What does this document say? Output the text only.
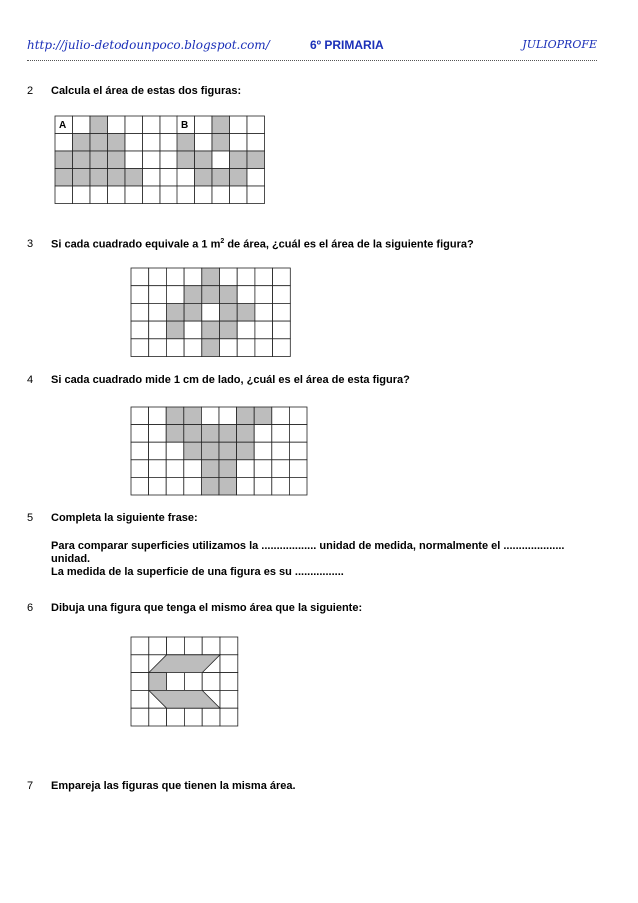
http://julio-detodounpoco.blogspot.com/	6º PRIMARIA	JULIOPROFE
2	Calcula el área de estas dos figuras:
A	B
3	Si cada cuadrado equivale a 1 $m^2$ de área, ¿cuál es el área de la siguiente figura?
4	Si cada cuadrado mide 1 cm de lado, ¿cuál es el área de esta figura?
5	Completa la siguiente frase:
Para comparar superficies utilizamos la .................. unidad de medida, normalmente el ....................
unidad.
La medida de la superficie de una figura es su ................
6	Dibuja una figura que tenga el mismo área que la siguiente:
7	Empareja las figuras que tienen la misma área.
